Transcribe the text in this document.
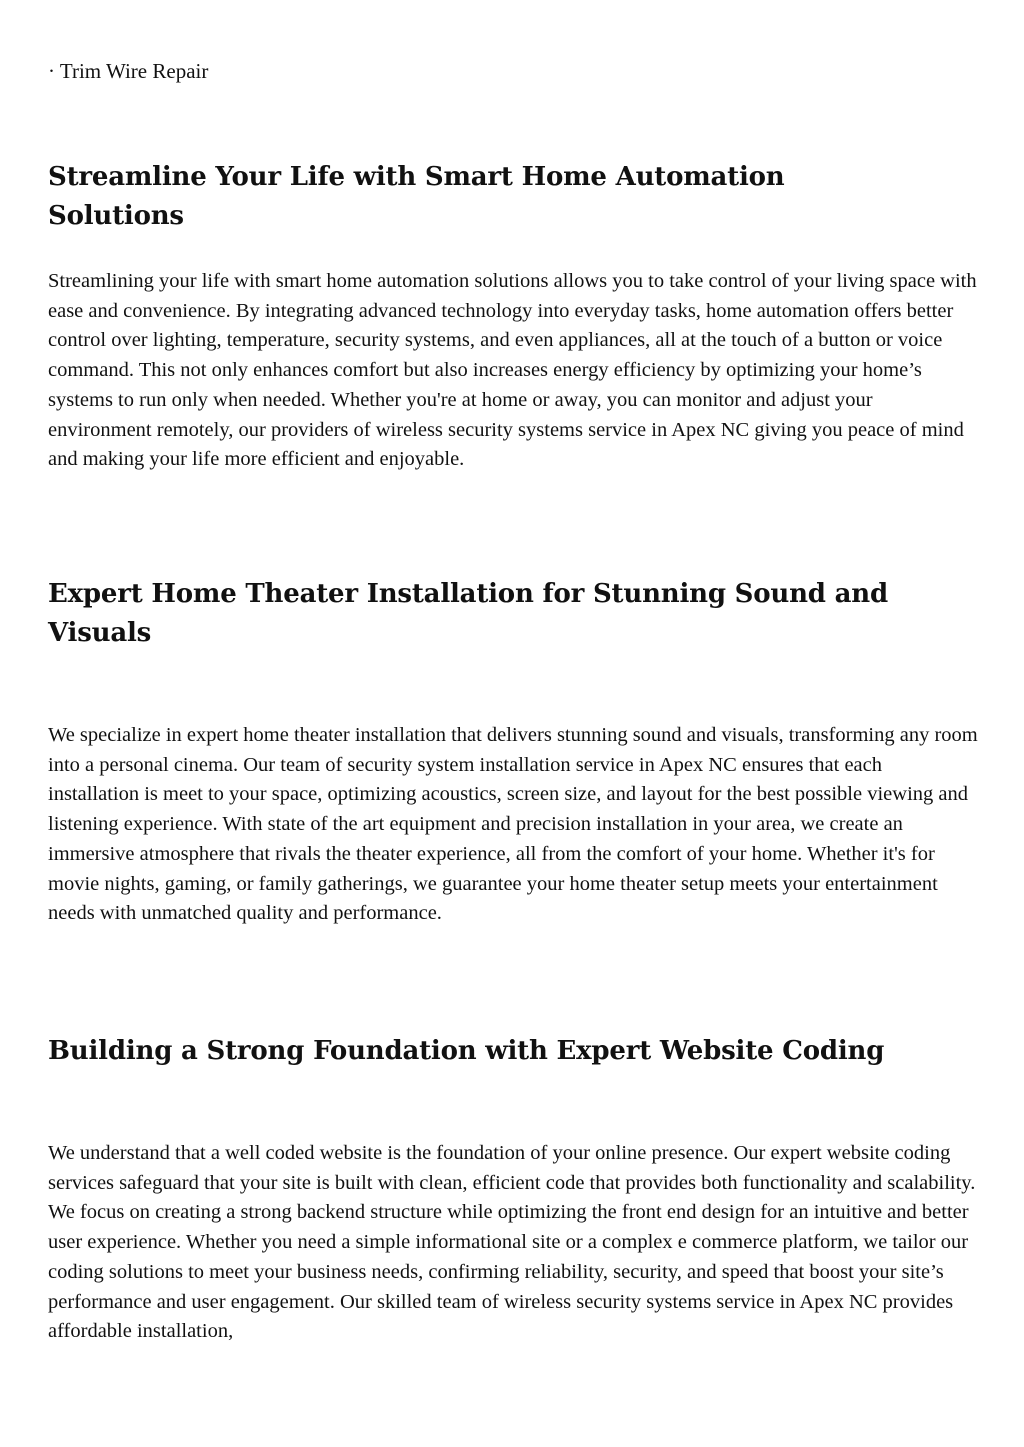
· Trim Wire Repair
Streamline Your Life with Smart Home Automation Solutions

Streamlining your life with smart home automation solutions allows you to take control of your living space with ease and convenience. By integrating advanced technology into everyday tasks, home automation offers better control over lighting, temperature, security systems, and even appliances, all at the touch of a button or voice command. This not only enhances comfort but also increases energy efficiency by optimizing your home’s systems to run only when needed. Whether you're at home or away, you can monitor and adjust your environment remotely, our providers of wireless security systems service in Apex NC giving you peace of mind and making your life more efficient and enjoyable.

Expert Home Theater Installation for Stunning Sound and Visuals

We specialize in expert home theater installation that delivers stunning sound and visuals, transforming any room into a personal cinema. Our team of security system installation service in Apex NC ensures that each installation is meet to your space, optimizing acoustics, screen size, and layout for the best possible viewing and listening experience. With state of the art equipment and precision installation in your area, we create an immersive atmosphere that rivals the theater experience, all from the comfort of your home. Whether it's for movie nights, gaming, or family gatherings, we guarantee your home theater setup meets your entertainment needs with unmatched quality and performance.

Building a Strong Foundation with Expert Website Coding

We understand that a well coded website is the foundation of your online presence. Our expert website coding services safeguard that your site is built with clean, efficient code that provides both functionality and scalability. We focus on creating a strong backend structure while optimizing the front end design for an intuitive and better user experience. Whether you need a simple informational site or a complex e commerce platform, we tailor our coding solutions to meet your business needs, confirming reliability, security, and speed that boost your site’s performance and user engagement. Our skilled team of wireless security systems service in Apex NC provides affordable installation,
